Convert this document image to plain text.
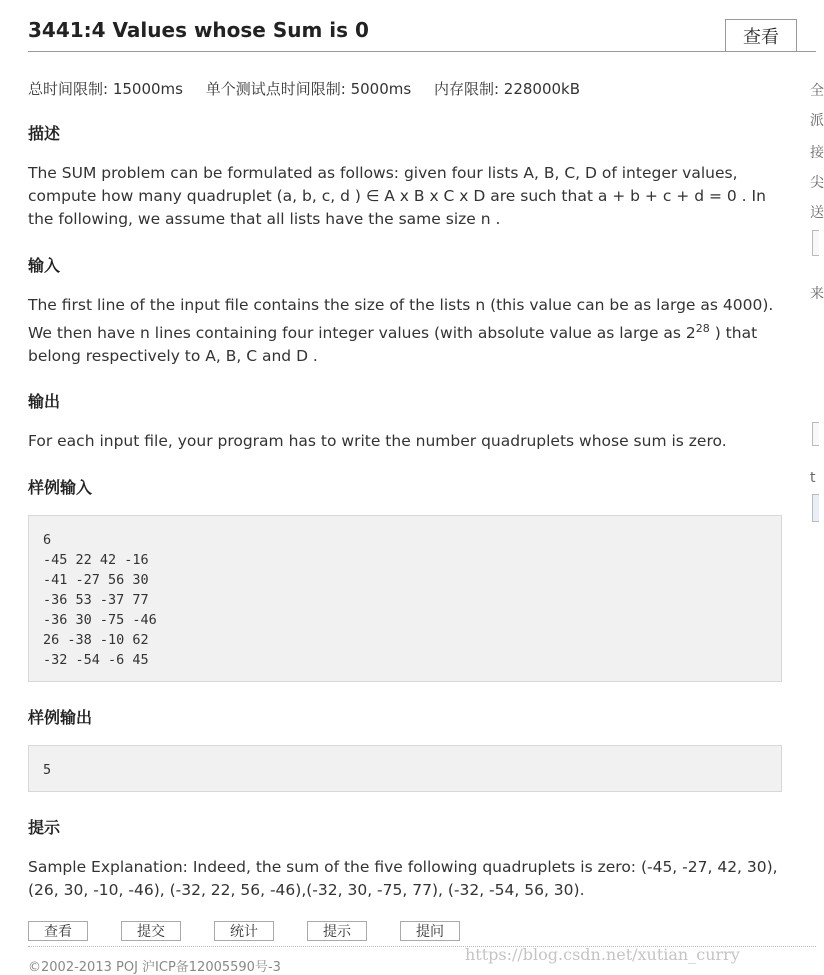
3441:4 Values whose Sum is 0	查看
总时间限制: 15000ms 单个测试点时间限制: 5000ms 内存限制: 228000kB
描述

The SUM problem can be formulated as follows: given four lists A, B, C, D of integer values, compute how many quadruplet (a, b, c, d ) ∈ A x B x C x D are such that a + b + c + d = 0 . In the following, we assume that all lists have the same size n .

输入

The first line of the input file contains the size of the lists n (this value can be as large as 4000). We then have n lines containing four integer values (with absolute value as large as $2^{28}$ ) that belong respectively to A, B, C and D .

输出

For each input file, your program has to write the number quadruplets whose sum is zero.

样例输入
6
-45 22 42 -16
-41 -27 56 30
-36 53 -37 77
-36 30 -75 -46
26 -38 -10 62
-32 -54 -6 45
样例输出
5
提示

Sample Explanation: Indeed, the sum of the five following quadruplets is zero: (-45, -27, 42, 30), (26, 30, -10, -46), (-32, 22, 56, -46),(-32, 30, -75, 77), (-32, -54, 56, 30).

查看	提交	统计	提示	提问
©2002-2013 POJ 沪ICP备12005590号-3
https://blog.csdn.net/xutian_curry
全
派
接
尖
送
来
t
